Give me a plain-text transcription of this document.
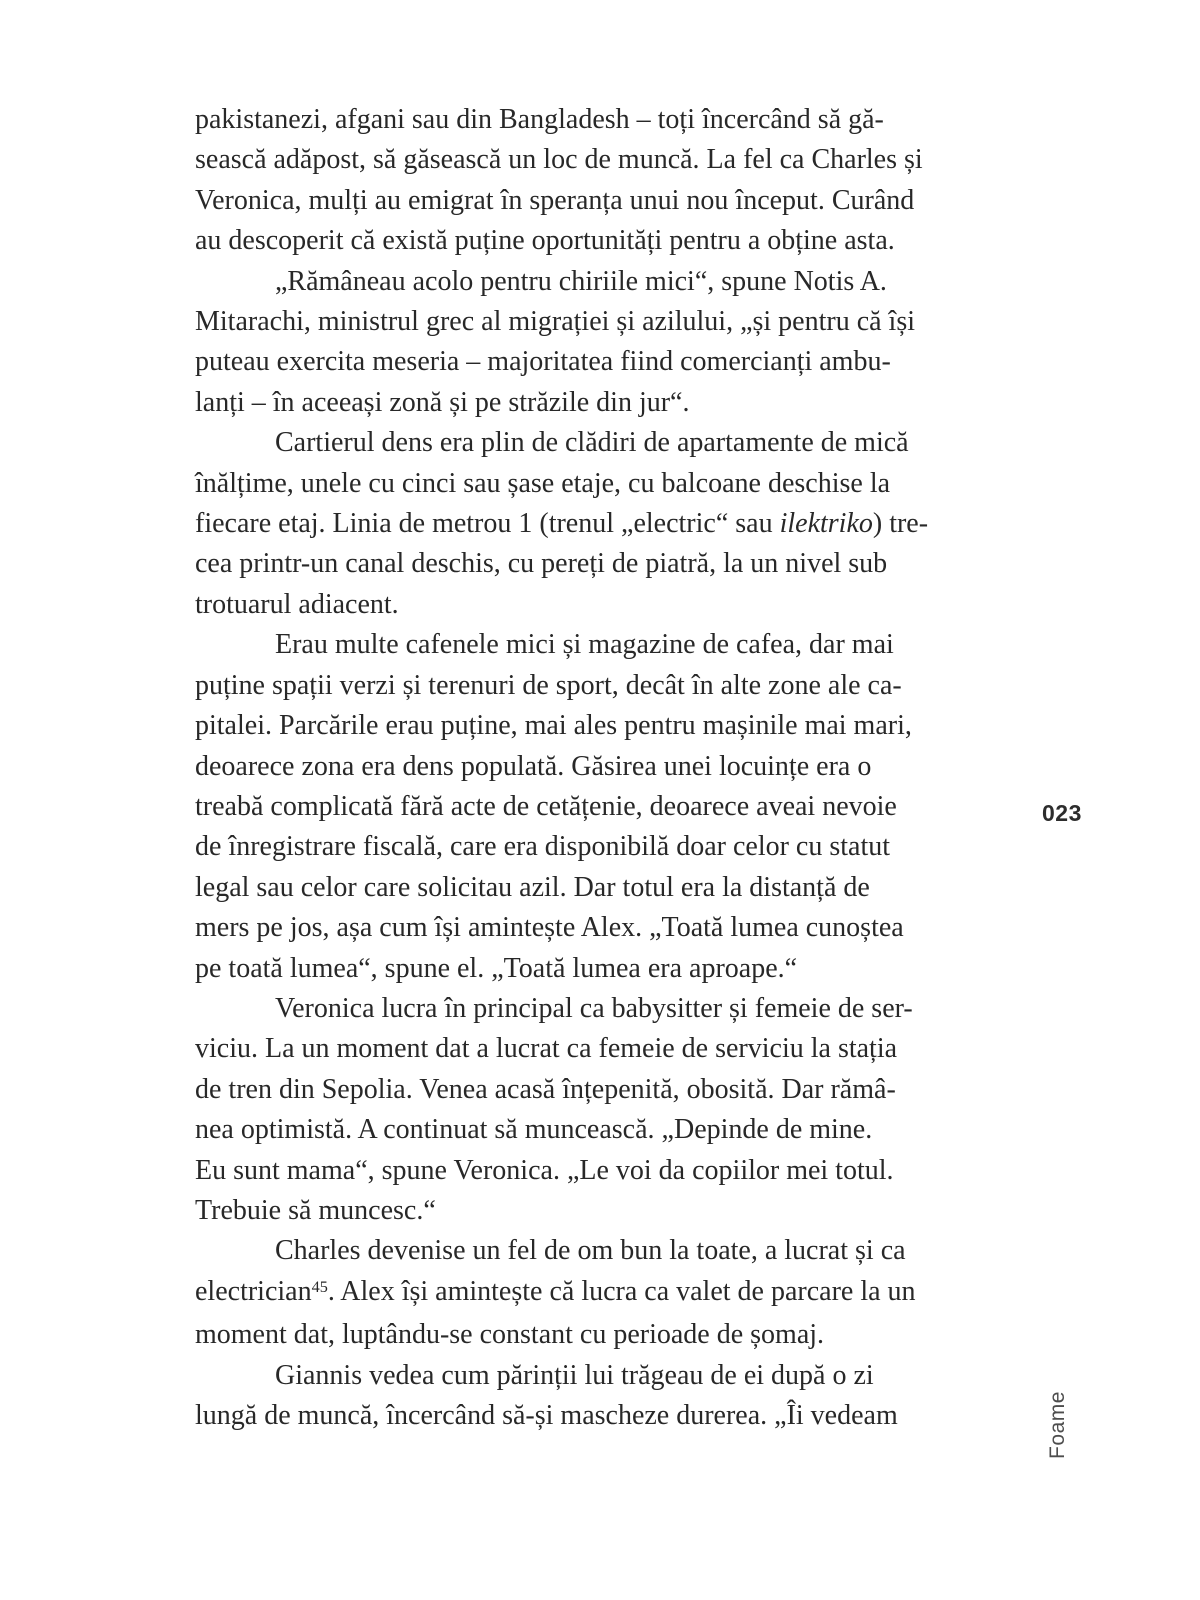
pakistanezi, afgani sau din Bangladesh – toți încercând să gă-
sească adăpost, să găsească un loc de muncă. La fel ca Charles și
Veronica, mulți au emigrat în speranța unui nou început. Curând
au descoperit că există puține oportunități pentru a obține asta.
„Rămâneau acolo pentru chiriile mici“, spune Notis A.
Mitarachi, ministrul grec al migrației și azilului, „și pentru că își
puteau exercita meseria – majoritatea fiind comercianți ambu-
lanți – în aceeași zonă și pe străzile din jur“.
Cartierul dens era plin de clădiri de apartamente de mică
înălțime, unele cu cinci sau șase etaje, cu balcoane deschise la
fiecare etaj. Linia de metrou 1 (trenul „electric“ sau ilektriko) tre-
cea printr-un canal deschis, cu pereți de piatră, la un nivel sub
trotuarul adiacent.
Erau multe cafenele mici și magazine de cafea, dar mai
puține spații verzi și terenuri de sport, decât în alte zone ale ca-
pitalei. Parcările erau puține, mai ales pentru mașinile mai mari,
deoarece zona era dens populată. Găsirea unei locuințe era o
treabă complicată fără acte de cetățenie, deoarece aveai nevoie
de înregistrare fiscală, care era disponibilă doar celor cu statut
legal sau celor care solicitau azil. Dar totul era la distanță de
mers pe jos, așa cum își amintește Alex. „Toată lumea cunoștea
pe toată lumea“, spune el. „Toată lumea era aproape.“
Veronica lucra în principal ca babysitter și femeie de ser-
viciu. La un moment dat a lucrat ca femeie de serviciu la stația
de tren din Sepolia. Venea acasă înțepenită, obosită. Dar rămâ-
nea optimistă. A continuat să muncească. „Depinde de mine.
Eu sunt mama“, spune Veronica. „Le voi da copiilor mei totul.
Trebuie să muncesc.“
Charles devenise un fel de om bun la toate, a lucrat și ca
electrician$^{45}$. Alex își amintește că lucra ca valet de parcare la un
moment dat, luptându-se constant cu perioade de șomaj.
Giannis vedea cum părinții lui trăgeau de ei după o zi
lungă de muncă, încercând să-și mascheze durerea. „Îi vedeam
023
Foame
